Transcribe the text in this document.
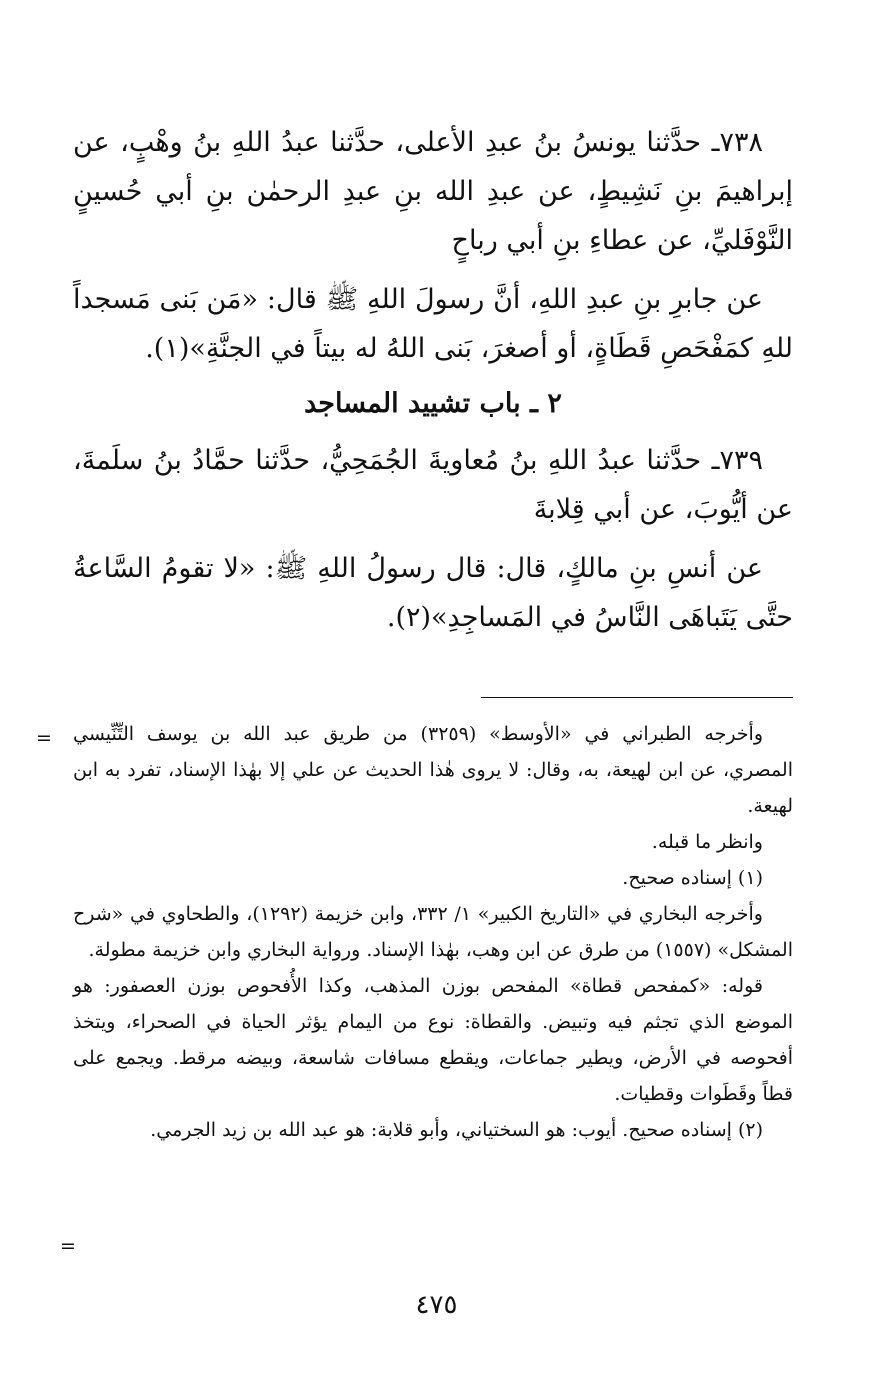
٧٣٨ـ حدَّثنا يونسُ بنُ عبدِ الأعلى، حدَّثنا عبدُ اللهِ بنُ وهْبٍ، عن إبراهيمَ بنِ نَشِيطٍ، عن عبدِ الله بنِ عبدِ الرحمٰن بنِ أبي حُسينٍ النَّوْفَليِّ، عن عطاءِ بنِ أبي رباحٍ

عن جابرِ بنِ عبدِ اللهِ، أنَّ رسولَ اللهِ ﷺ قال: «مَن بَنى مَسجداً للهِ كمَفْحَصِ قَطَاةٍ، أو أصغرَ، بَنى اللهُ له بيتاً في الجنَّةِ»(١).

٢ ـ باب تشييد المساجد

٧٣٩ـ حدَّثنا عبدُ اللهِ بنُ مُعاويةَ الجُمَحِيُّ، حدَّثنا حمَّادُ بنُ سلَمةَ، عن أيُّوبَ، عن أبي قِلابةَ

عن أنسِ بنِ مالكٍ، قال: قال رسولُ اللهِ ﷺ: «لا تقومُ السَّاعةُ حتَّى يَتَباهَى النَّاسُ في المَساجِدِ»(٢).

= وأخرجه الطبراني في «الأوسط» (٣٢٥٩) من طريق عبد الله بن يوسف التِّنِّيسي المصري، عن ابن لهيعة، به، وقال: لا يروى هٰذا الحديث عن علي إلا بهٰذا الإسناد، تفرد به ابن لهيعة.

وانظر ما قبله.

(١) إسناده صحيح.

وأخرجه البخاري في «التاريخ الكبير» ١/ ٣٣٢، وابن خزيمة (١٢٩٢)، والطحاوي في «شرح المشكل» (١٥٥٧) من طرق عن ابن وهب، بهٰذا الإسناد. ورواية البخاري وابن خزيمة مطولة.

قوله: «كمفحص قطاة» المفحص بوزن المذهب، وكذا الأُفحوص بوزن العصفور: هو الموضع الذي تجثم فيه وتبيض. والقطاة: نوع من اليمام يؤثر الحياة في الصحراء، ويتخذ أفحوصه في الأرض، ويطير جماعات، ويقطع مسافات شاسعة، وبيضه مرقط. ويجمع على قطاً وقَطَوات وقطيات.

(٢) إسناده صحيح. أيوب: هو السختياني، وأبو قلابة: هو عبد الله بن زيد الجرمي.

=
٤٧٥
